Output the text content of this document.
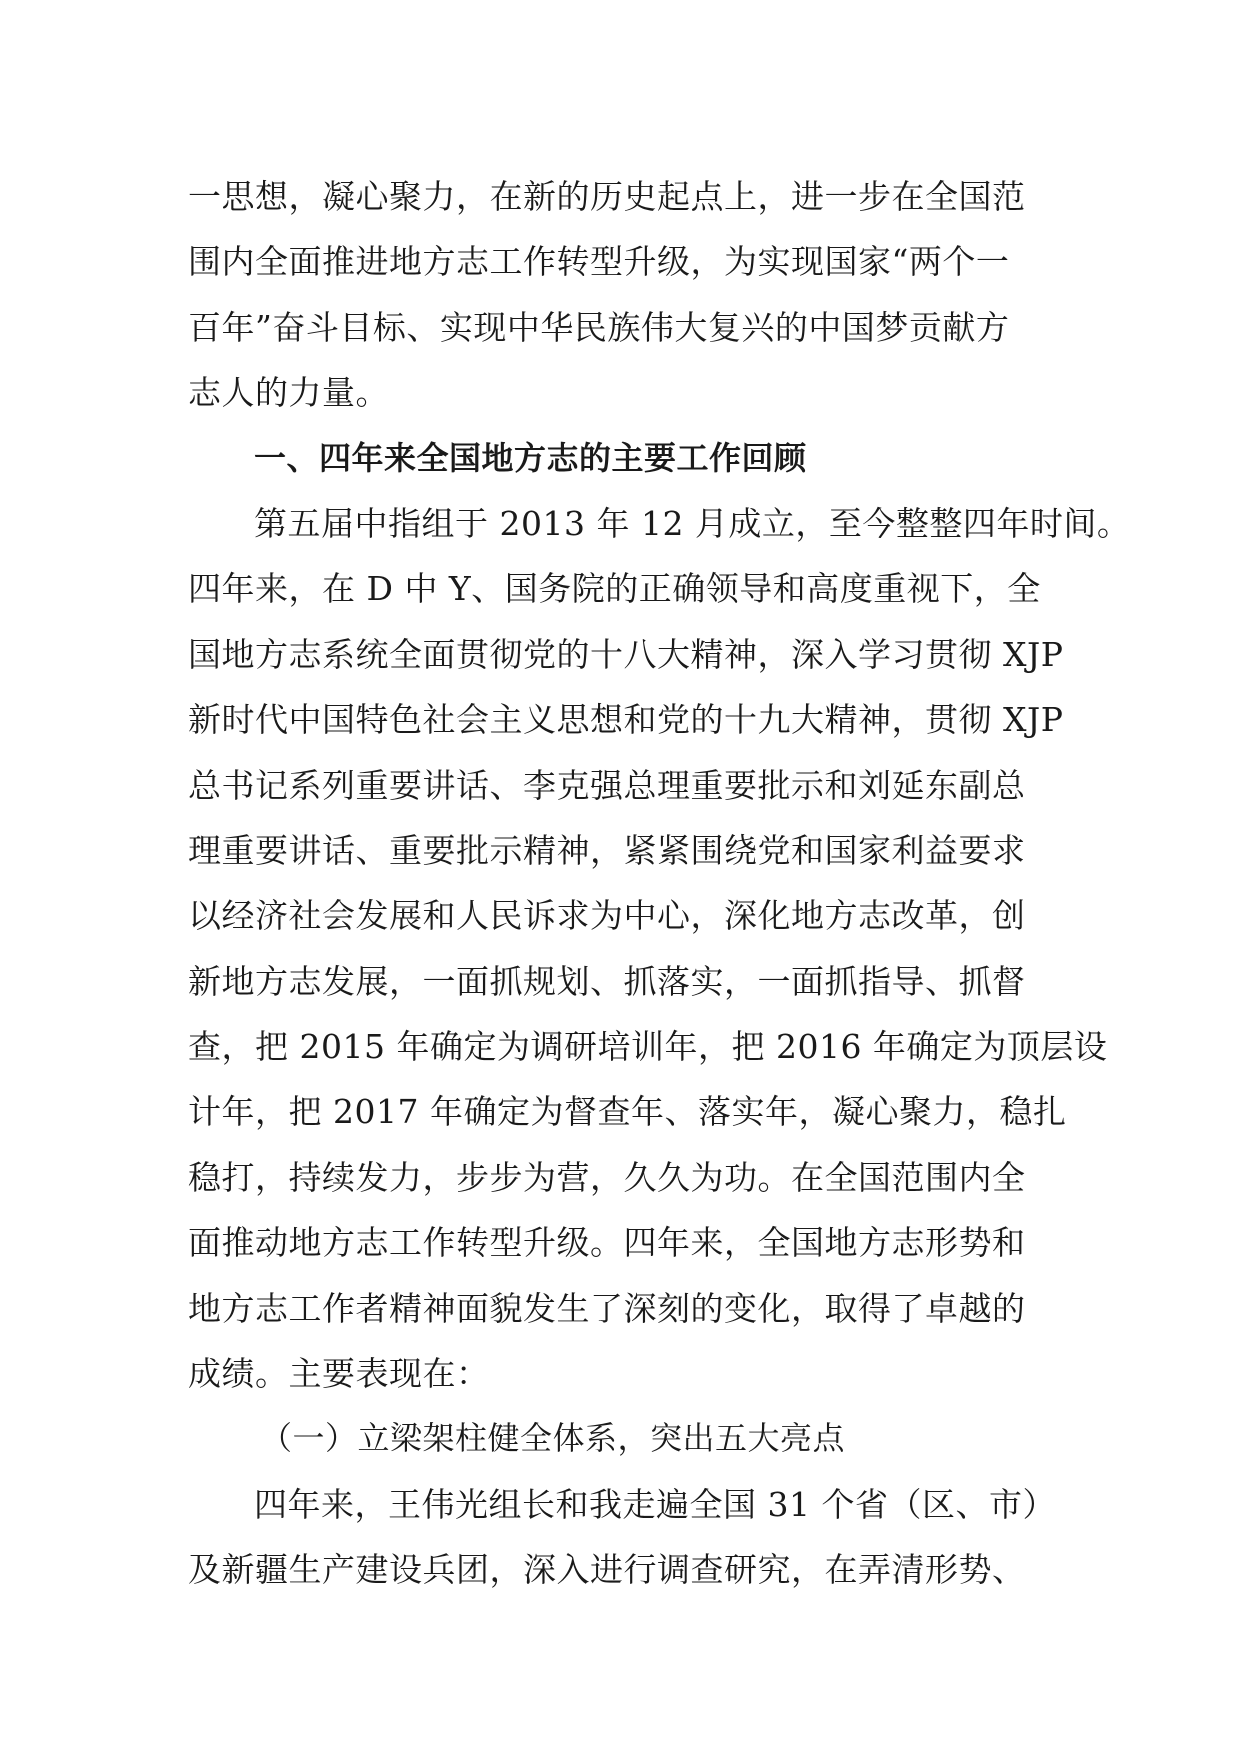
一思想，凝心聚力，在新的历史起点上，进一步在全国范
围内全面推进地方志工作转型升级，为实现国家“两个一
百年”奋斗目标、实现中华民族伟大复兴的中国梦贡献方
志人的力量。
一、四年来全国地方志的主要工作回顾
第五届中指组于 2013 年 12 月成立，至今整整四年时间。
四年来，在 D 中 Y、国务院的正确领导和高度重视下，全
国地方志系统全面贯彻党的十八大精神，深入学习贯彻 XJP
新时代中国特色社会主义思想和党的十九大精神，贯彻 XJP
总书记系列重要讲话、李克强总理重要批示和刘延东副总
理重要讲话、重要批示精神，紧紧围绕党和国家利益要求
以经济社会发展和人民诉求为中心，深化地方志改革，创
新地方志发展，一面抓规划、抓落实，一面抓指导、抓督
查，把 2015 年确定为调研培训年，把 2016 年确定为顶层设
计年，把 2017 年确定为督查年、落实年，凝心聚力，稳扎
稳打，持续发力，步步为营，久久为功。在全国范围内全
面推动地方志工作转型升级。四年来，全国地方志形势和
地方志工作者精神面貌发生了深刻的变化，取得了卓越的
成绩。主要表现在：
（一）立梁架柱健全体系，突出五大亮点
四年来，王伟光组长和我走遍全国 31 个省（区、市）
及新疆生产建设兵团，深入进行调查研究，在弄清形势、
